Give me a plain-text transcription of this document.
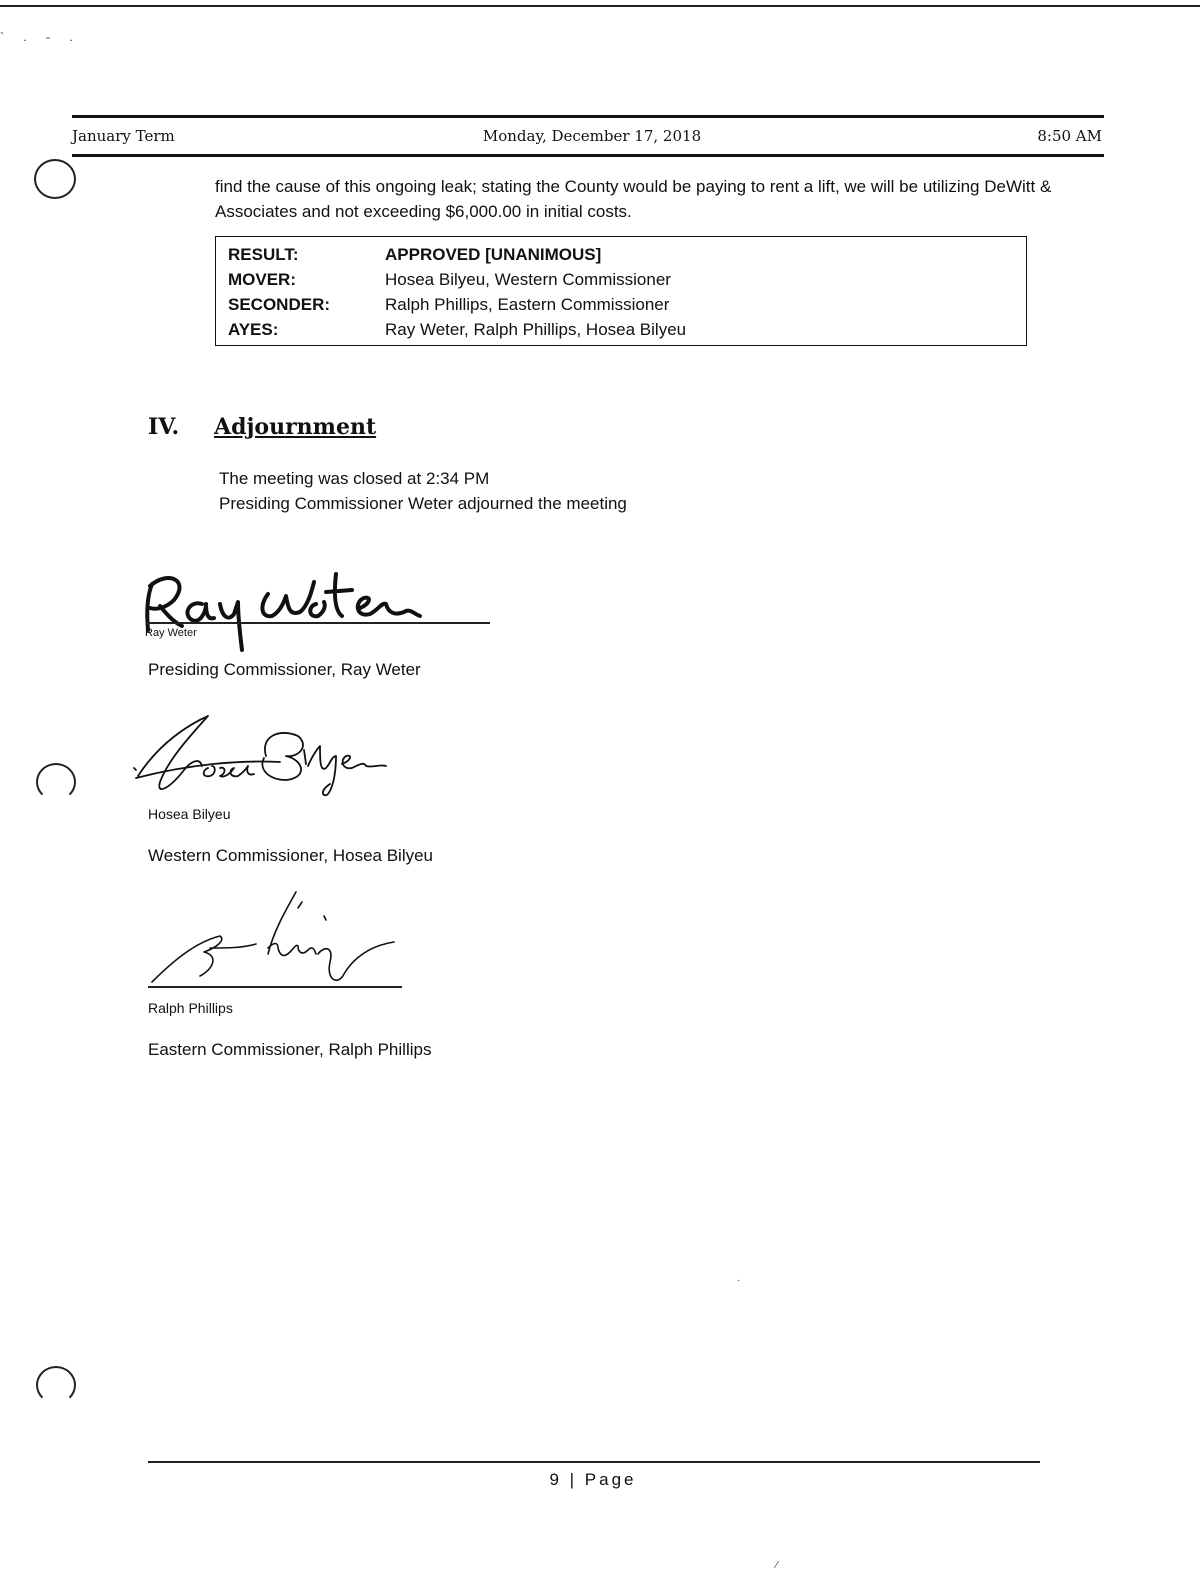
` . - .
January Term	Monday, December 17, 2018	8:50 AM
find the cause of this ongoing leak; stating the County would be paying to rent a lift, we will be utilizing DeWitt & Associates and not exceeding $6,000.00 in initial costs.
RESULT:	APPROVED [UNANIMOUS]
MOVER:	Hosea Bilyeu, Western Commissioner
SECONDER:	Ralph Phillips, Eastern Commissioner
AYES:	Ray Weter, Ralph Phillips, Hosea Bilyeu
IV. Adjournment
The meeting was closed at 2:34 PM
Presiding Commissioner Weter adjourned the meeting
Ray Weter
Presiding Commissioner, Ray Weter
Hosea Bilyeu
Western Commissioner, Hosea Bilyeu
Ralph Phillips
Eastern Commissioner, Ralph Phillips
·
9 | Page
⁄
